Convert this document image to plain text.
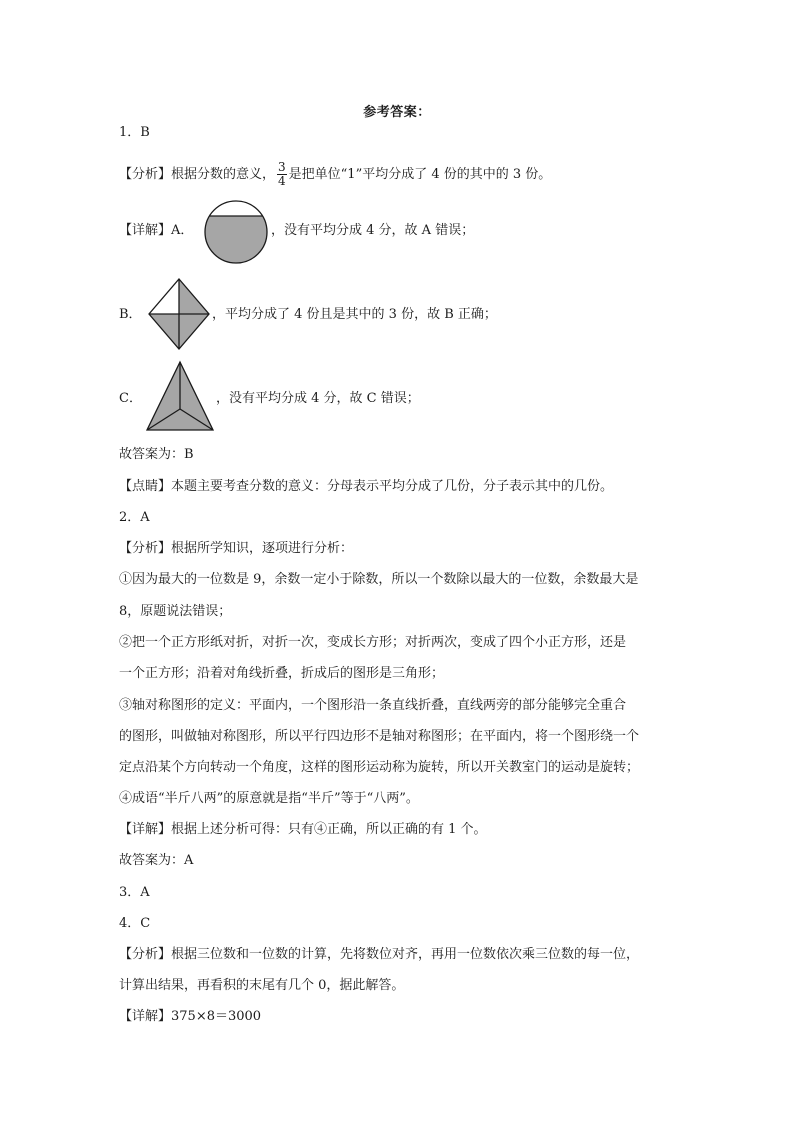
参考答案：
1．B
【分析】根据分数的意义， $\frac{3}{4}$ 是把单位“1”平均分成了 4 份的其中的 3 份。
【详解】A．	，没有平均分成 4 分，故 A 错误；
B．	，平均分成了 4 份且是其中的 3 份，故 B 正确；
C．	，没有平均分成 4 分，故 C 错误；
故答案为：B
【点睛】本题主要考查分数的意义：分母表示平均分成了几份，分子表示其中的几份。
2．A
【分析】根据所学知识，逐项进行分析：
①因为最大的一位数是 9，余数一定小于除数，所以一个数除以最大的一位数，余数最大是
8，原题说法错误；
②把一个正方形纸对折，对折一次，变成长方形；对折两次，变成了四个小正方形，还是
一个正方形；沿着对角线折叠，折成后的图形是三角形；
③轴对称图形的定义：平面内，一个图形沿一条直线折叠，直线两旁的部分能够完全重合
的图形，叫做轴对称图形，所以平行四边形不是轴对称图形；在平面内，将一个图形绕一个
定点沿某个方向转动一个角度，这样的图形运动称为旋转，所以开关教室门的运动是旋转；
④成语“半斤八两”的原意就是指“半斤”等于“八两”。
【详解】根据上述分析可得：只有④正确，所以正确的有 1 个。
故答案为：A
3．A
4．C
【分析】根据三位数和一位数的计算，先将数位对齐，再用一位数依次乘三位数的每一位，
计算出结果，再看积的末尾有几个 0，据此解答。
【详解】375×8＝3000
